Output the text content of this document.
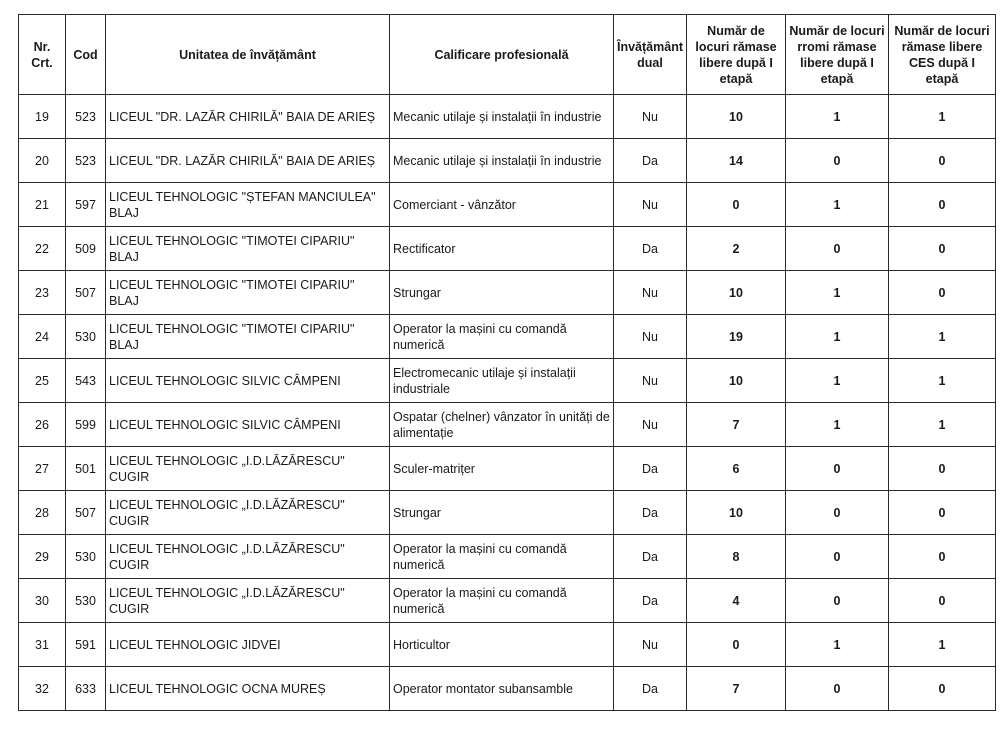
Nr. Crt.	Cod	Unitatea de învățământ	Calificare profesională	Învățământ dual	Număr de locuri rămase libere după I etapă	Număr de locuri rromi rămase libere după I etapă	Număr de locuri rămase libere CES după I etapă
19	523	LICEUL "DR. LAZĂR CHIRILĂ" BAIA DE ARIEȘ	Mecanic utilaje și instalații în industrie	Nu	10	1	1
20	523	LICEUL "DR. LAZĂR CHIRILĂ" BAIA DE ARIEȘ	Mecanic utilaje și instalații în industrie	Da	14	0	0
21	597	LICEUL TEHNOLOGIC "ȘTEFAN MANCIULEA" BLAJ	Comerciant - vânzător	Nu	0	1	0
22	509	LICEUL TEHNOLOGIC "TIMOTEI CIPARIU" BLAJ	Rectificator	Da	2	0	0
23	507	LICEUL TEHNOLOGIC "TIMOTEI CIPARIU" BLAJ	Strungar	Nu	10	1	0
24	530	LICEUL TEHNOLOGIC "TIMOTEI CIPARIU" BLAJ	Operator la mașini cu comandă numerică	Nu	19	1	1
25	543	LICEUL TEHNOLOGIC SILVIC CÂMPENI	Electromecanic utilaje și instalații industriale	Nu	10	1	1
26	599	LICEUL TEHNOLOGIC SILVIC CÂMPENI	Ospatar (chelner) vânzator în unități de alimentație	Nu	7	1	1
27	501	LICEUL TEHNOLOGIC „I.D.LĂZĂRESCU" CUGIR	Sculer-matrițer	Da	6	0	0
28	507	LICEUL TEHNOLOGIC „I.D.LĂZĂRESCU" CUGIR	Strungar	Da	10	0	0
29	530	LICEUL TEHNOLOGIC „I.D.LĂZĂRESCU" CUGIR	Operator la mașini cu comandă numerică	Da	8	0	0
30	530	LICEUL TEHNOLOGIC „I.D.LĂZĂRESCU" CUGIR	Operator la mașini cu comandă numerică	Da	4	0	0
31	591	LICEUL TEHNOLOGIC JIDVEI	Horticultor	Nu	0	1	1
32	633	LICEUL TEHNOLOGIC OCNA MUREȘ	Operator montator subansamble	Da	7	0	0
